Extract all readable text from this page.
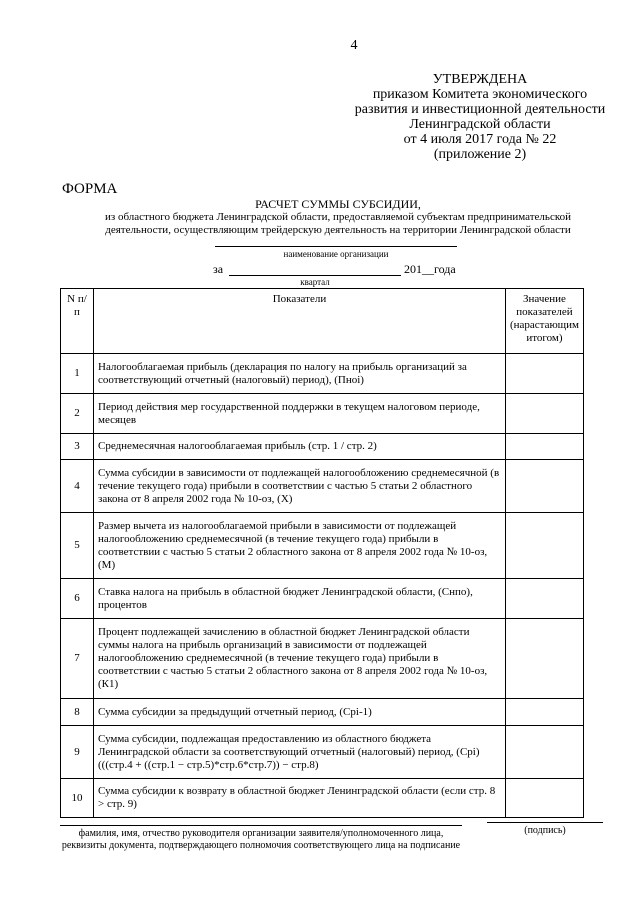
4
УТВЕРЖДЕНА
приказом Комитета экономического
развития и инвестиционной деятельности
Ленинградской области
от 4 июля 2017 года № 22
(приложение 2)
ФОРМА
РАСЧЕТ СУММЫ СУБСИДИИ,
из областного бюджета Ленинградской области, предоставляемой субъектам предпринимательской
деятельности, осуществляющим трейдерскую деятельность на территории Ленинградской области
наименование организации
за	201__года
квартал
N п/п	Показатели	Значение показателей (нарастающим итогом)
1	Налогооблагаемая прибыль (декларация по налогу на прибыль организаций за соответствующий отчетный (налоговый) период), (Пнoi)	
2	Период действия мер государственной поддержки в текущем налоговом периоде, месяцев	
3	Среднемесячная налогооблагаемая прибыль (стр. 1 / стр. 2)	
4	Сумма субсидии в зависимости от подлежащей налогообложению среднемесячной (в течение текущего года) прибыли в соответствии с частью 5 статьи 2 областного закона от 8 апреля 2002 года № 10-оз, (Х)	
5	Размер вычета из налогооблагаемой прибыли в зависимости от подлежащей налогообложению среднемесячной (в течение текущего года) прибыли в соответствии с частью 5 статьи 2 областного закона от 8 апреля 2002 года № 10-оз, (М)	
6	Ставка налога на прибыль в областной бюджет Ленинградской области, (Снпо), процентов	
7	Процент подлежащей зачислению в областной бюджет Ленинградской области суммы налога на прибыль организаций в зависимости от подлежащей налогообложению среднемесячной (в течение текущего года) прибыли в соответствии с частью 5 статьи 2 областного закона от 8 апреля 2002 года № 10-оз, (К1)	
8	Сумма субсидии за предыдущий отчетный период, (Срi-1)	
9	Сумма субсидии, подлежащая предоставлению из областного бюджета Ленинградской области за соответствующий отчетный (налоговый) период, (Срi) (((стр.4 + ((стр.1 − стр.5)*стр.6*стр.7)) − стр.8)	
10	Сумма субсидии к возврату в областной бюджет Ленинградской области (если стр. 8 > стр. 9)	
фамилия, имя, отчество руководителя организации заявителя/уполномоченного лица, реквизиты документа, подтверждающего полномочия соответствующего лица на подписание
(подпись)
